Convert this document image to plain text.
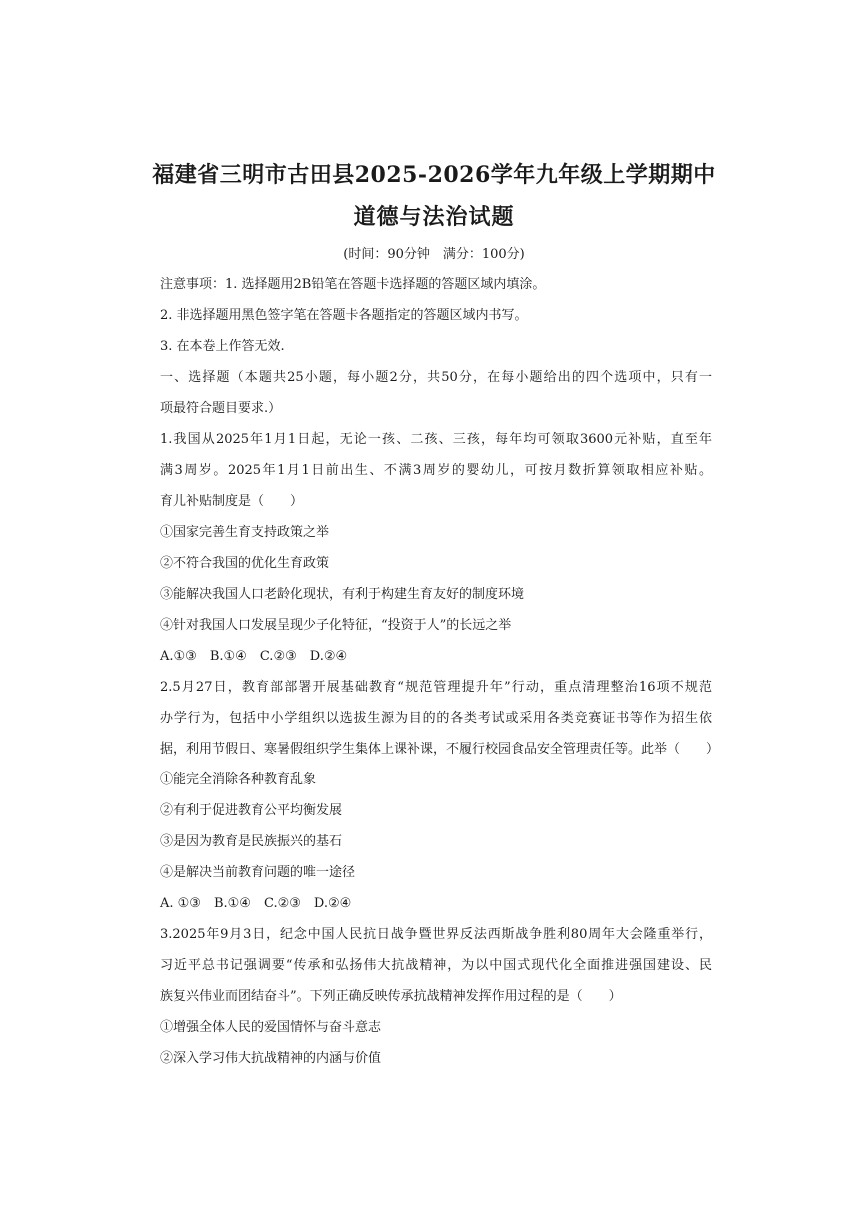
福建省三明市古田县2025-2026学年九年级上学期期中
道德与法治试题
(时间：90分钟　满分：100分)
注意事项：1. 选择题用2B铅笔在答题卡选择题的答题区域内填涂。
2. 非选择题用黑色签字笔在答题卡各题指定的答题区域内书写。
3. 在本卷上作答无效.
一、选择题（本题共25小题，每小题2分，共50分，在每小题给出的四个选项中，只有一
项最符合题目要求.）
1.我国从2025年1月1日起，无论一孩、二孩、三孩，每年均可领取3600元补贴，直至年
满3周岁。2025年1月1日前出生、不满3周岁的婴幼儿，可按月数折算领取相应补贴。
育儿补贴制度是（　　）
①国家完善生育支持政策之举
②不符合我国的优化生育政策
③能解决我国人口老龄化现状，有利于构建生育友好的制度环境
④针对我国人口发展呈现少子化特征，“投资于人”的长远之举
A.①③　B.①④　C.②③　D.②④
2.5月27日，教育部部署开展基础教育“规范管理提升年”行动，重点清理整治16项不规范
办学行为，包括中小学组织以选拔生源为目的的各类考试或采用各类竞赛证书等作为招生依
据，利用节假日、寒暑假组织学生集体上课补课，不履行校园食品安全管理责任等。此举（　　）
①能完全消除各种教育乱象
②有利于促进教育公平均衡发展
③是因为教育是民族振兴的基石
④是解决当前教育问题的唯一途径
A. ①③　B.①④　C.②③　D.②④
3.2025年9月3日，纪念中国人民抗日战争暨世界反法西斯战争胜利80周年大会隆重举行，
习近平总书记强调要“传承和弘扬伟大抗战精神，为以中国式现代化全面推进强国建设、民
族复兴伟业而团结奋斗”。下列正确反映传承抗战精神发挥作用过程的是（　　）
①增强全体人民的爱国情怀与奋斗意志
②深入学习伟大抗战精神的内涵与价值
